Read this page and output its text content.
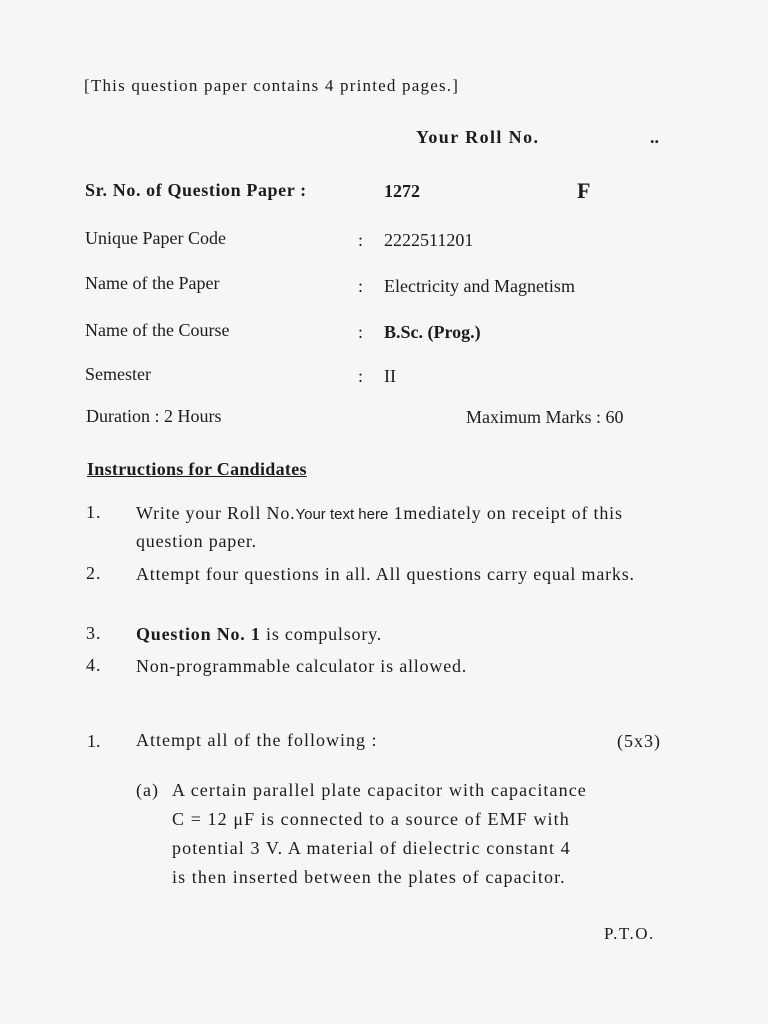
[This question paper contains 4 printed pages.]
Your Roll No.	..
Sr. No. of Question Paper :	1272	F
Unique Paper Code	: 2222511201
Name of the Paper	: Electricity and Magnetism
Name of the Course	: B.Sc. (Prog.)
Semester	: II
Duration : 2 Hours	Maximum Marks : 60
Instructions for Candidates
1. Write your Roll No.Your text here 1mediately on receipt of this question paper.
2. Attempt four questions in all. All questions carry equal marks.
3. Question No. 1 is compulsory.
4. Non-programmable calculator is allowed.
1. Attempt all of the following :	(5x3)
(a) A certain parallel plate capacitor with capacitance
C = 12 μF is connected to a source of EMF with
potential 3 V. A material of dielectric constant 4
is then inserted between the plates of capacitor.
P.T.O.
